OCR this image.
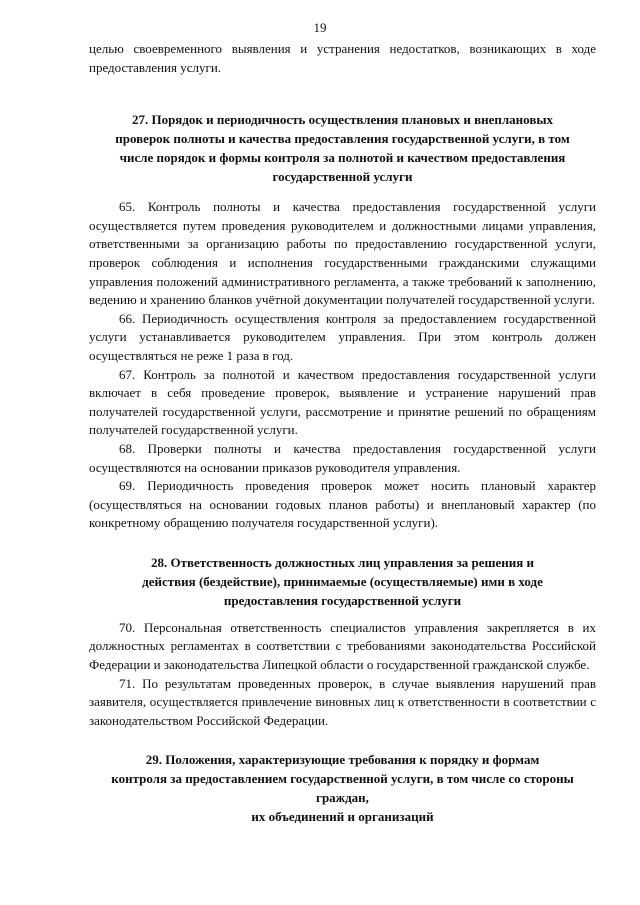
19

целью своевременного выявления и устранения недостатков, возникающих в ходе предоставления услуги.

27. Порядок и периодичность осуществления плановых и внеплановых
проверок полноты и качества предоставления государственной услуги, в том
числе порядок и формы контроля за полнотой и качеством предоставления
государственной услуги

65. Контроль полноты и качества предоставления государственной услуги осуществляется путем проведения руководителем и должностными лицами управления, ответственными за организацию работы по предоставлению государственной услуги, проверок соблюдения и исполнения государственными гражданскими служащими управления положений административного регламента, а также требований к заполнению, ведению и хранению бланков учётной документации получателей государственной услуги.

66. Периодичность осуществления контроля за предоставлением государственной услуги устанавливается руководителем управления. При этом контроль должен осуществляться не реже 1 раза в год.

67. Контроль за полнотой и качеством предоставления государственной услуги включает в себя проведение проверок, выявление и устранение нарушений прав получателей государственной услуги, рассмотрение и принятие решений по обращениям получателей государственной услуги.

68. Проверки полноты и качества предоставления государственной услуги осуществляются на основании приказов руководителя управления.

69. Периодичность проведения проверок может носить плановый характер (осуществляться на основании годовых планов работы) и внеплановый характер (по конкретному обращению получателя государственной услуги).

28. Ответственность должностных лиц управления за решения и
действия (бездействие), принимаемые (осуществляемые) ими в ходе
предоставления государственной услуги

70. Персональная ответственность специалистов управления закрепляется в их должностных регламентах в соответствии с требованиями законодательства Российской Федерации и законодательства Липецкой области о государственной гражданской службе.

71. По результатам проведенных проверок, в случае выявления нарушений прав заявителя, осуществляется привлечение виновных лиц к ответственности в соответствии с законодательством Российской Федерации.

29. Положения, характеризующие требования к порядку и формам
контроля за предоставлением государственной услуги, в том числе со стороны
граждан,
их объединений и организаций
